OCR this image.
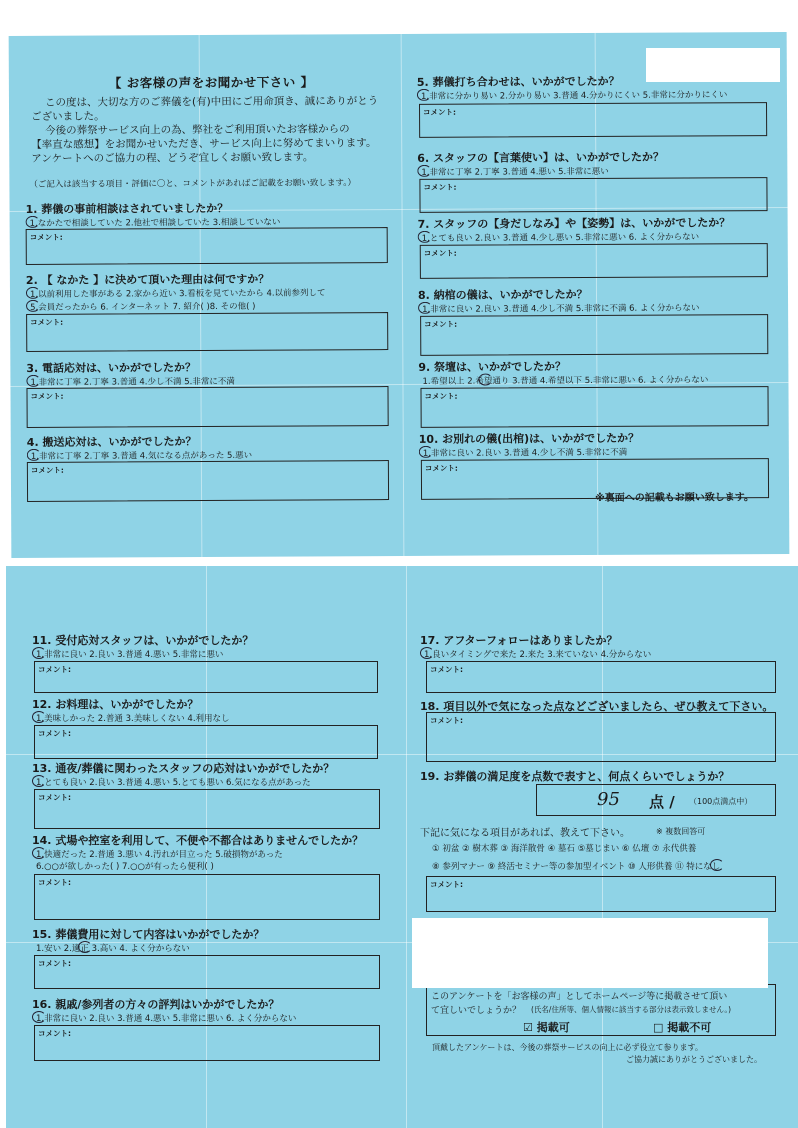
【 お客様の声をお聞かせ下さい 】
この度は、大切な方のご葬儀を(有)中田にご用命頂き、誠にありがとう
ございました。
今後の葬祭サービス向上の為、弊社をご利用頂いたお客様からの
【率直な感想】をお聞かせいただき、サービス向上に努めてまいります。
アンケートへのご協力の程、どうぞ宜しくお願い致します。
（ご記入は該当する項目・評価に〇と、コメントがあればご記載をお願い致します。）
1. 葬儀の事前相談はされていましたか？
1.なかたで相談していた 2.他社で相談していた 3.相談していない
コメント:
2. 【 なかた 】に決めて頂いた理由は何ですか？
1.以前利用した事がある 2.家から近い 3.看板を見ていたから 4.以前参列して
5.会員だったから 6. インターネット 7. 紹介( )8. その他( )
コメント:
3. 電話応対は、いかがでしたか？
1.非常に丁寧 2.丁寧 3.普通 4.少し不満 5.非常に不満
コメント:
4. 搬送応対は、いかがでしたか？
1.非常に丁寧 2.丁寧 3.普通 4.気になる点があった 5.悪い
コメント:
5. 葬儀打ち合わせは、いかがでしたか？
1.非常に分かり易い 2.分かり易い 3.普通 4.分かりにくい 5.非常に分かりにくい
コメント:
6. スタッフの【言葉使い】は、いかがでしたか？
1.非常に丁寧 2.丁寧 3.普通 4.悪い 5.非常に悪い
コメント:
7. スタッフの【身だしなみ】や【姿勢】は、いかがでしたか？
1.とても良い 2.良い 3.普通 4.少し悪い 5.非常に悪い 6. よく分からない
コメント:
8. 納棺の儀は、いかがでしたか？
1.非常に良い 2.良い 3.普通 4.少し不満 5.非常に不満 6. よく分からない
コメント:
9. 祭壇は、いかがでしたか？
1.希望以上 2.希望通り 3.普通 4.希望以下 5.非常に悪い 6. よく分からない
コメント:
10. お別れの儀(出棺)は、いかがでしたか？
1.非常に良い 2.良い 3.普通 4.少し不満 5.非常に不満
コメント:
※裏面への記載もお願い致します。
11. 受付応対スタッフは、いかがでしたか？
1.非常に良い 2.良い 3.普通 4.悪い 5.非常に悪い
コメント:
12. お料理は、いかがでしたか？
1.美味しかった 2.普通 3.美味しくない 4.利用なし
コメント:
13. 通夜/葬儀に関わったスタッフの応対はいかがでしたか？
1.とても良い 2.良い 3.普通 4.悪い 5.とても悪い 6.気になる点があった
コメント:
14. 式場や控室を利用して、不便や不都合はありませんでしたか？
1.快適だった 2.普通 3.悪い 4.汚れが目立った 5.破損物があった
6.○○が欲しかった( ) 7.○○が有ったら便利( )
コメント:
15. 葬儀費用に対して内容はいかがでしたか？
1.安い 2.適正 3.高い 4. よく分からない
コメント:
16. 親戚/参列者の方々の評判はいかがでしたか？
1.非常に良い 2.良い 3.普通 4.悪い 5.非常に悪い 6. よく分からない
コメント:
17. アフターフォローはありましたか？
1.良いタイミングで来た 2.来た 3.来ていない 4.分からない
コメント:
18. 項目以外で気になった点などございましたら、ぜひ教えて下さい。
コメント:
19. お葬儀の満足度を点数で表すと、何点くらいでしょうか？
95 点 / （100点満点中）
下記に気になる項目があれば、教えて下さい。	※ 複数回答可
① 初盆 ② 樹木葬 ③ 海洋散骨 ④ 墓石 ⑤墓じまい ⑥ 仏壇 ⑦ 永代供養
⑧ 参列マナー ⑨ 終活セミナー等の参加型イベント ⑩ 人形供養 ⑪ 特になし
コメント:
このアンケートを「お客様の声」としてホームページ等に掲載させて頂い
て宜しいでしょうか？ (氏名/住所等、個人情報に該当する部分は表示致しません。)
☑ 掲載可	□ 掲載不可
頂戴したアンケートは、今後の葬祭サービスの向上に必ず役立て参ります。
ご協力誠にありがとうございました。
